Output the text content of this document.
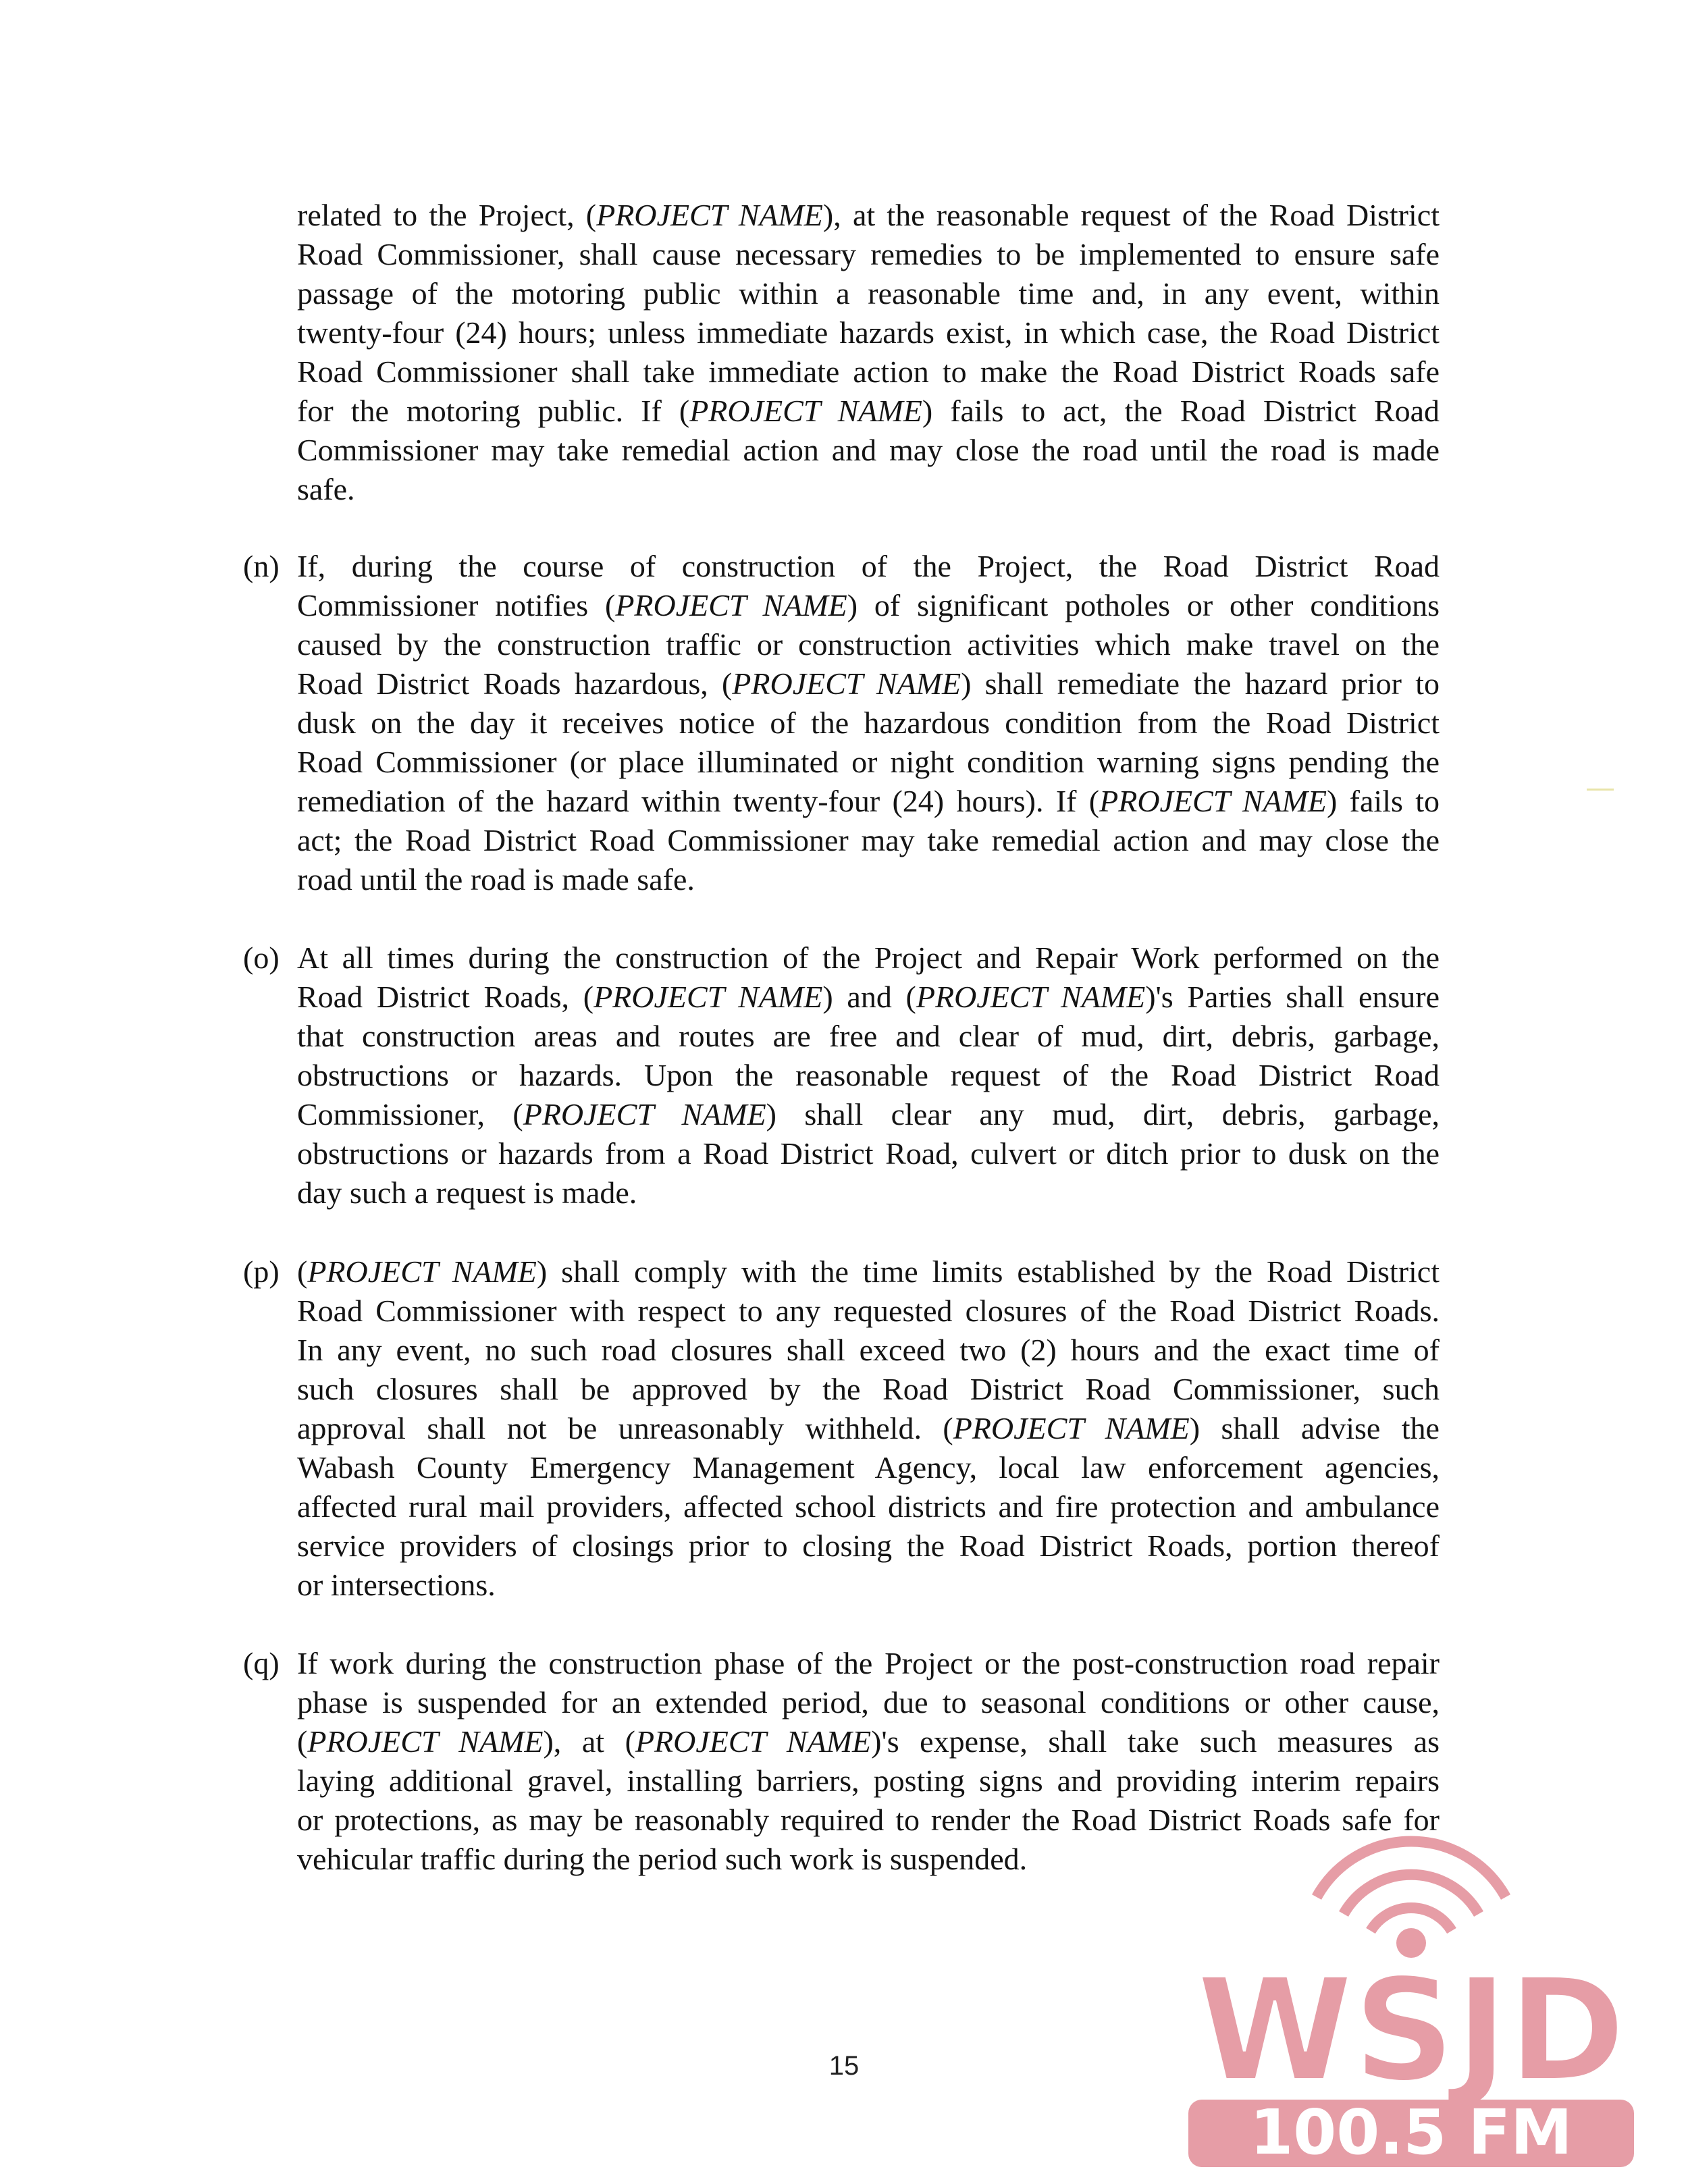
related to the Project, (PROJECT NAME), at the reasonable request of the Road District
Road Commissioner, shall cause necessary remedies to be implemented to ensure safe
passage of the motoring public within a reasonable time and, in any event, within
twenty-four (24) hours; unless immediate hazards exist, in which case, the Road District
Road Commissioner shall take immediate action to make the Road District Roads safe
for the motoring public. If (PROJECT NAME) fails to act, the Road District Road
Commissioner may take remedial action and may close the road until the road is made
safe.
(n) If, during the course of construction of the Project, the Road District Road
Commissioner notifies (PROJECT NAME) of significant potholes or other conditions
caused by the construction traffic or construction activities which make travel on the
Road District Roads hazardous, (PROJECT NAME) shall remediate the hazard prior to
dusk on the day it receives notice of the hazardous condition from the Road District
Road Commissioner (or place illuminated or night condition warning signs pending the
remediation of the hazard within twenty-four (24) hours). If (PROJECT NAME) fails to
act; the Road District Road Commissioner may take remedial action and may close the
road until the road is made safe.
(o) At all times during the construction of the Project and Repair Work performed on the
Road District Roads, (PROJECT NAME) and (PROJECT NAME)'s Parties shall ensure
that construction areas and routes are free and clear of mud, dirt, debris, garbage,
obstructions or hazards. Upon the reasonable request of the Road District Road
Commissioner, (PROJECT NAME) shall clear any mud, dirt, debris, garbage,
obstructions or hazards from a Road District Road, culvert or ditch prior to dusk on the
day such a request is made.
(p) (PROJECT NAME) shall comply with the time limits established by the Road District
Road Commissioner with respect to any requested closures of the Road District Roads.
In any event, no such road closures shall exceed two (2) hours and the exact time of
such closures shall be approved by the Road District Road Commissioner, such
approval shall not be unreasonably withheld. (PROJECT NAME) shall advise the
Wabash County Emergency Management Agency, local law enforcement agencies,
affected rural mail providers, affected school districts and fire protection and ambulance
service providers of closings prior to closing the Road District Roads, portion thereof
or intersections.
(q) If work during the construction phase of the Project or the post-construction road repair
phase is suspended for an extended period, due to seasonal conditions or other cause,
(PROJECT NAME), at (PROJECT NAME)'s expense, shall take such measures as
laying additional gravel, installing barriers, posting signs and providing interim repairs
or protections, as may be reasonably required to render the Road District Roads safe for
vehicular traffic during the period such work is suspended.
15 WSJD
100.5 FM
